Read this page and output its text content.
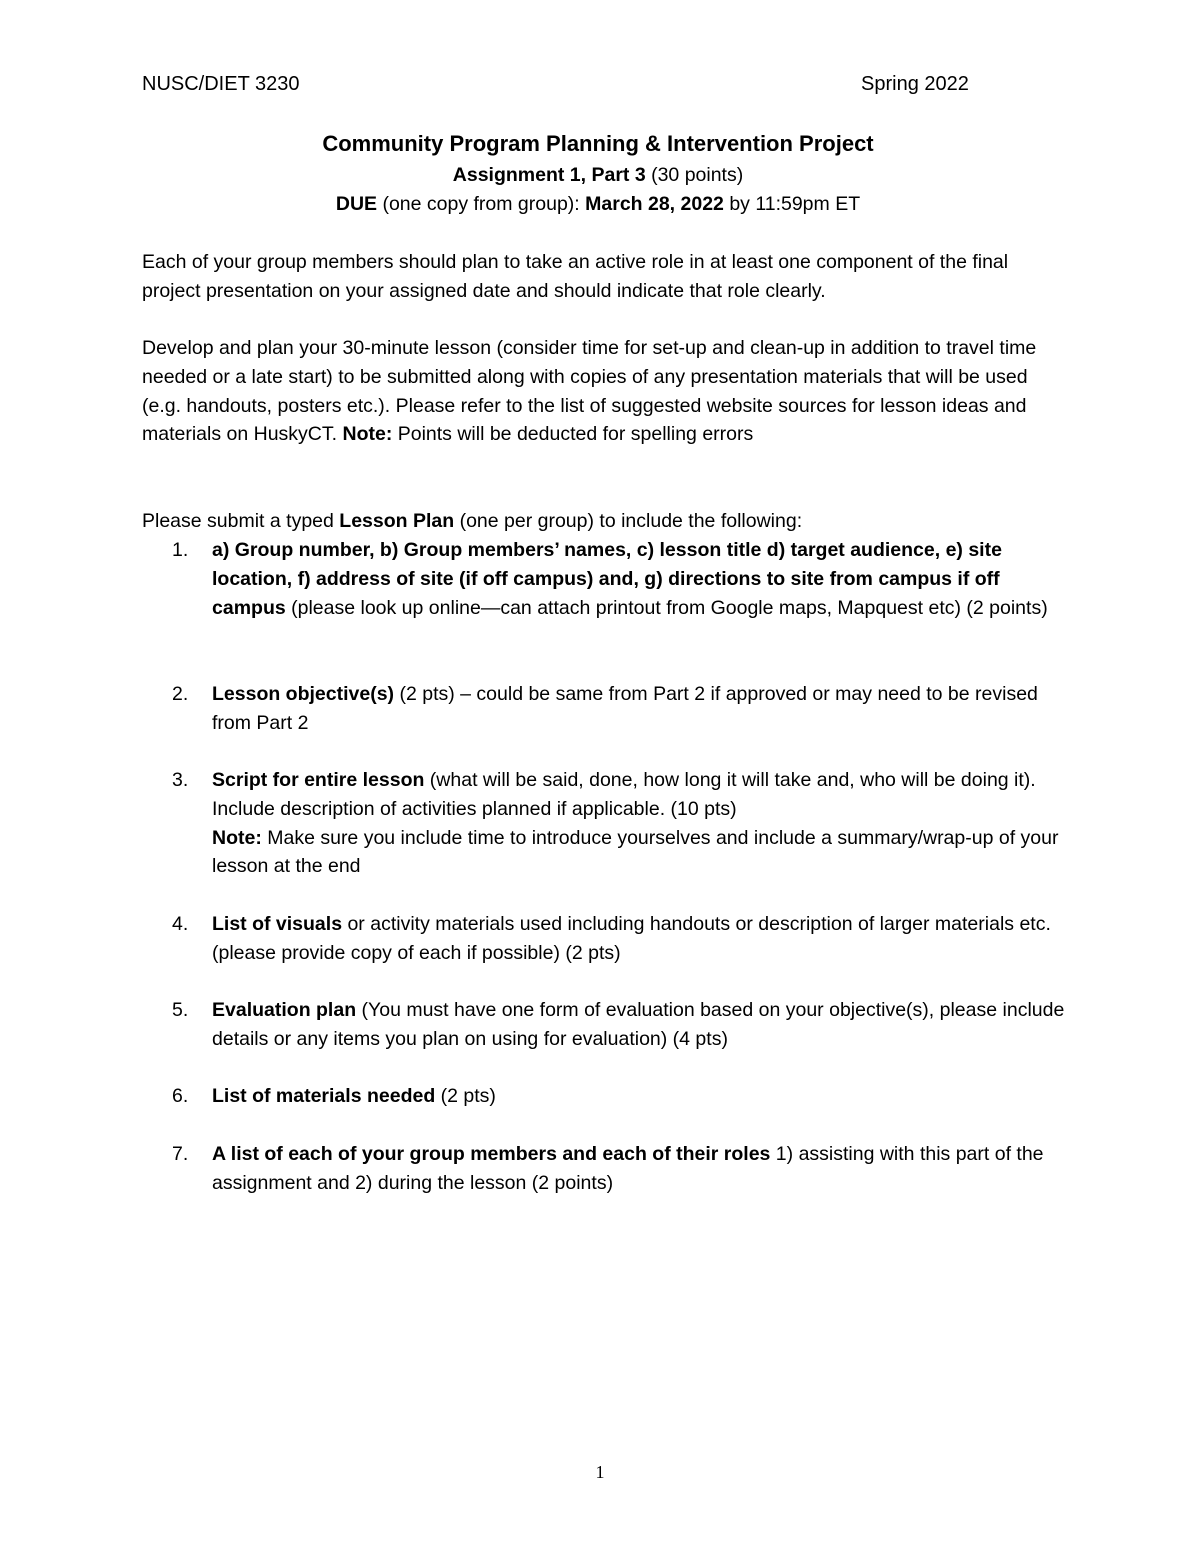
NUSC/DIET 3230	Spring 2022
Community Program Planning & Intervention Project
Assignment 1, Part 3 (30 points)
DUE (one copy from group): March 28, 2022 by 11:59pm ET
Each of your group members should plan to take an active role in at least one component of the final project presentation on your assigned date and should indicate that role clearly.
Develop and plan your 30-minute lesson (consider time for set-up and clean-up in addition to travel time needed or a late start) to be submitted along with copies of any presentation materials that will be used (e.g. handouts, posters etc.). Please refer to the list of suggested website sources for lesson ideas and materials on HuskyCT. Note: Points will be deducted for spelling errors
Please submit a typed Lesson Plan (one per group) to include the following:
1.	a) Group number, b) Group members’ names, c) lesson title d) target audience, e) site location, f) address of site (if off campus) and, g) directions to site from campus if off campus (please look up online—can attach printout from Google maps, Mapquest etc) (2 points)
2.	Lesson objective(s) (2 pts) – could be same from Part 2 if approved or may need to be revised from Part 2
3.	Script for entire lesson (what will be said, done, how long it will take and, who will be doing it). Include description of activities planned if applicable. (10 pts)
Note: Make sure you include time to introduce yourselves and include a summary/wrap-up of your lesson at the end
4.	List of visuals or activity materials used including handouts or description of larger materials etc. (please provide copy of each if possible) (2 pts)
5.	Evaluation plan (You must have one form of evaluation based on your objective(s), please include details or any items you plan on using for evaluation) (4 pts)
6.	List of materials needed (2 pts)
7.	A list of each of your group members and each of their roles 1) assisting with this part of the assignment and 2) during the lesson (2 points)
1
